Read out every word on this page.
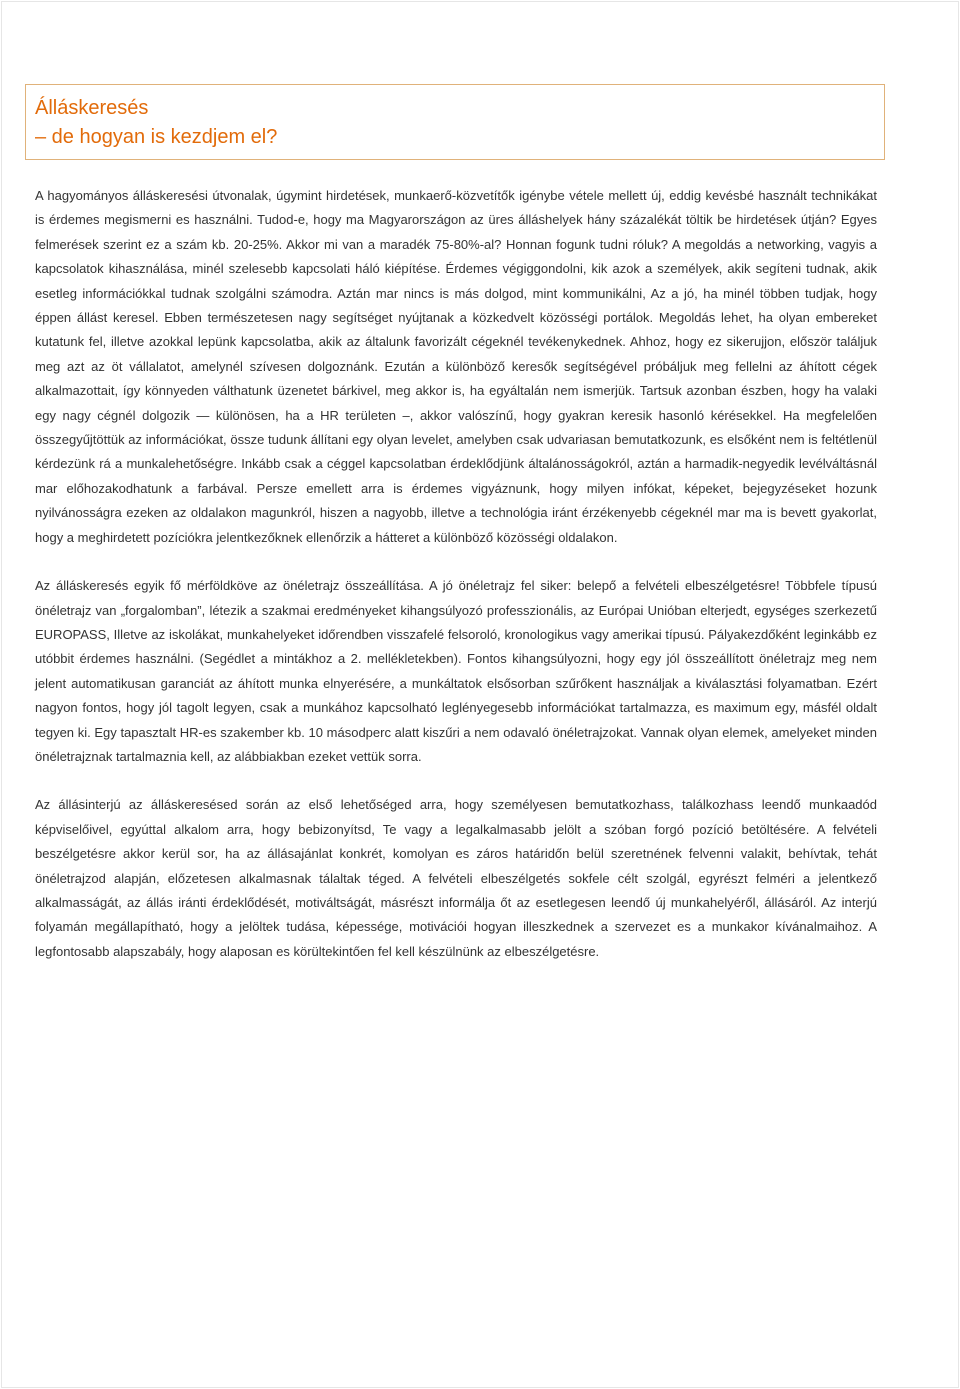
Álláskeresés

– de hogyan is kezdjem el?

A hagyományos álláskeresési útvonalak, úgymint hirdetések, munkaerő-közvetítők igénybe vétele mellett új, eddig kevésbé használt technikákat is érdemes megismerni es használni. Tudod-e, hogy ma Magyarországon az üres álláshelyek hány százalékát töltik be hirdetések útján? Egyes felmerések szerint ez a szám kb. 20-25%. Akkor mi van a maradék 75-80%-al? Honnan fogunk tudni róluk? A megoldás a networking, vagyis a kapcsolatok kihasználása, minél szelesebb kapcsolati háló kiépítése. Érdemes végiggondolni, kik azok a személyek, akik segíteni tudnak, akik esetleg információkkal tudnak szolgálni számodra. Aztán mar nincs is más dolgod, mint kommunikálni, Az a jó, ha minél többen tudjak, hogy éppen állást keresel. Ebben természetesen nagy segítséget nyújtanak a közkedvelt közösségi portálok. Megoldás lehet, ha olyan embereket kutatunk fel, illetve azokkal lepünk kapcsolatba, akik az általunk favorizált cégeknél tevékenykednek. Ahhoz, hogy ez sikerujjon, először találjuk meg azt az öt vállalatot, amelynél szívesen dolgoznánk. Ezután a különböző keresők segítségével próbáljuk meg fellelni az áhított cégek alkalmazottait, így könnyeden válthatunk üzenetet bárkivel, meg akkor is, ha egyáltalán nem ismerjük. Tartsuk azonban észben, hogy ha valaki egy nagy cégnél dolgozik — különösen, ha a HR területen –, akkor valószínű, hogy gyakran keresik hasonló kérésekkel. Ha megfelelően összegyűjtöttük az információkat, össze tudunk állítani egy olyan levelet, amelyben csak udvariasan bemutatkozunk, es elsőként nem is feltétlenül kérdezünk rá a munkalehetőségre. Inkább csak a céggel kapcsolatban érdeklődjünk általánosságokról, aztán a harmadik-negyedik levélváltásnál mar előhozakodhatunk a farbával. Persze emellett arra is érdemes vigyáznunk, hogy milyen infókat, képeket, bejegyzéseket hozunk nyilvánosságra ezeken az oldalakon magunkról, hiszen a nagyobb, illetve a technológia iránt érzékenyebb cégeknél mar ma is bevett gyakorlat, hogy a meghirdetett pozíciókra jelentkezőknek ellenőrzik a hátteret a különböző közösségi oldalakon.

Az álláskeresés egyik fő mérföldköve az önéletrajz összeállítása. A jó önéletrajz fel siker: belepő a felvételi elbeszélgetésre! Többfele típusú önéletrajz van „forgalomban”, létezik a szakmai eredményeket kihangsúlyozó professzionális, az Európai Unióban elterjedt, egységes szerkezetű EUROPASS, Illetve az iskolákat, munkahelyeket időrendben visszafelé felsoroló, kronologikus vagy amerikai típusú. Pályakezdőként leginkább ez utóbbit érdemes használni. (Segédlet a mintákhoz a 2. mellékletekben). Fontos kihangsúlyozni, hogy egy jól összeállított önéletrajz meg nem jelent automatikusan garanciát az áhított munka elnyerésére, a munkáltatok elsősorban szűrőkent használjak a kiválasztási folyamatban. Ezért nagyon fontos, hogy jól tagolt legyen, csak a munkához kapcsolható leglényegesebb információkat tartalmazza, es maximum egy, másfél oldalt tegyen ki. Egy tapasztalt HR-es szakember kb. 10 másodperc alatt kiszűri a nem odavaló önéletrajzokat. Vannak olyan elemek, amelyeket minden önéletrajznak tartalmaznia kell, az alábbiakban ezeket vettük sorra.

Az állásinterjú az álláskeresésed során az első lehetőséged arra, hogy személyesen bemutatkozhass, találkozhass leendő munkaadód képviselőivel, egyúttal alkalom arra, hogy bebizonyítsd, Te vagy a legalkalmasabb jelölt a szóban forgó pozíció betöltésére. A felvételi beszélgetésre akkor kerül sor, ha az állásajánlat konkrét, komolyan es záros határidőn belül szeretnének felvenni valakit, behívtak, tehát önéletrajzod alapján, előzetesen alkalmasnak tálaltak téged. A felvételi elbeszélgetés sokfele célt szolgál, egyrészt felméri a jelentkező alkalmasságát, az állás iránti érdeklődését, motiváltságát, másrészt informálja őt az esetlegesen leendő új munkahelyéről, állásáról. Az interjú folyamán megállapítható, hogy a jelöltek tudása, képessége, motivációi hogyan illeszkednek a szervezet es a munkakor kívánalmaihoz. A legfontosabb alapszabály, hogy alaposan es körültekintően fel kell készülnünk az elbeszélgetésre.
